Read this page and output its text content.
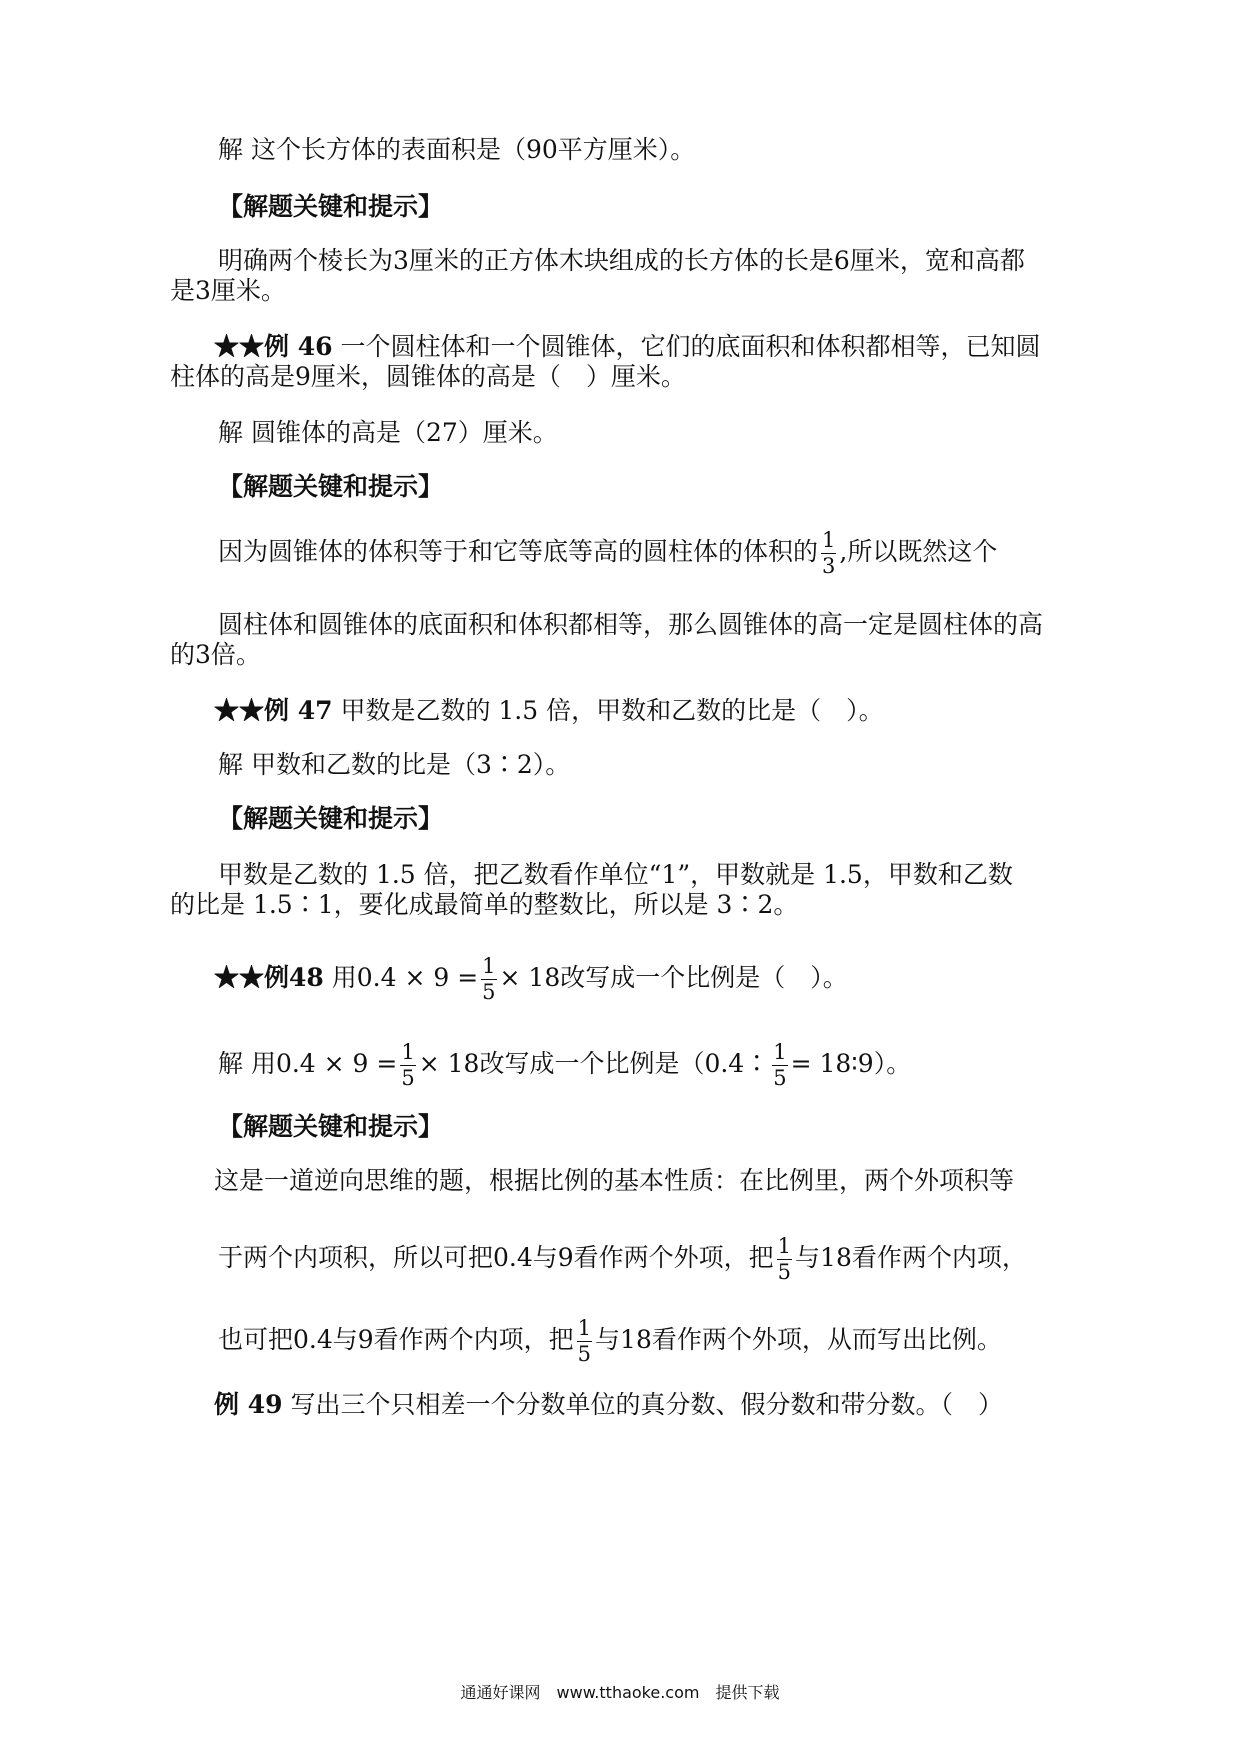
解 这个长方体的表面积是（90平方厘米）。
【解题关键和提示】
明确两个棱长为3厘米的正方体木块组成的长方体的长是6厘米，宽和高都
是3厘米。
★★例 46 一个圆柱体和一个圆锥体，它们的底面积和体积都相等，已知圆
柱体的高是9厘米，圆锥体的高是（　）厘米。
解 圆锥体的高是（27）厘米。
【解题关键和提示】
因为圆锥体的体积等于和它等底等高的圆柱体的体积的 $\frac{1}{3}$ ,所以既然这个
圆柱体和圆锥体的底面积和体积都相等，那么圆锥体的高一定是圆柱体的高
的3倍。
★★例 47 甲数是乙数的 1.5 倍，甲数和乙数的比是（　）。
解 甲数和乙数的比是（3∶2）。
【解题关键和提示】
甲数是乙数的 1.5 倍，把乙数看作单位“1”，甲数就是 1.5，甲数和乙数
的比是 1.5∶1，要化成最简单的整数比，所以是 3∶2。
★★例48 用$0.4 \times 9 = \frac{1}{5} \times 18$改写成一个比例是（　）。
解 用$0.4 \times 9 = \frac{1}{5} \times 18$改写成一个比例是（0.4∶ $\frac{1}{5}$ = 18∶9）。
【解题关键和提示】
这是一道逆向思维的题，根据比例的基本性质：在比例里，两个外项积等
于两个内项积，所以可把0.4与9看作两个外项，把 $\frac{1}{5}$ 与18看作两个内项，
也可把0.4与9看作两个内项，把 $\frac{1}{5}$ 与18看作两个外项，从而写出比例。
例 49 写出三个只相差一个分数单位的真分数、假分数和带分数。（　）
通通好课网　www.tthaoke.com　提供下载
